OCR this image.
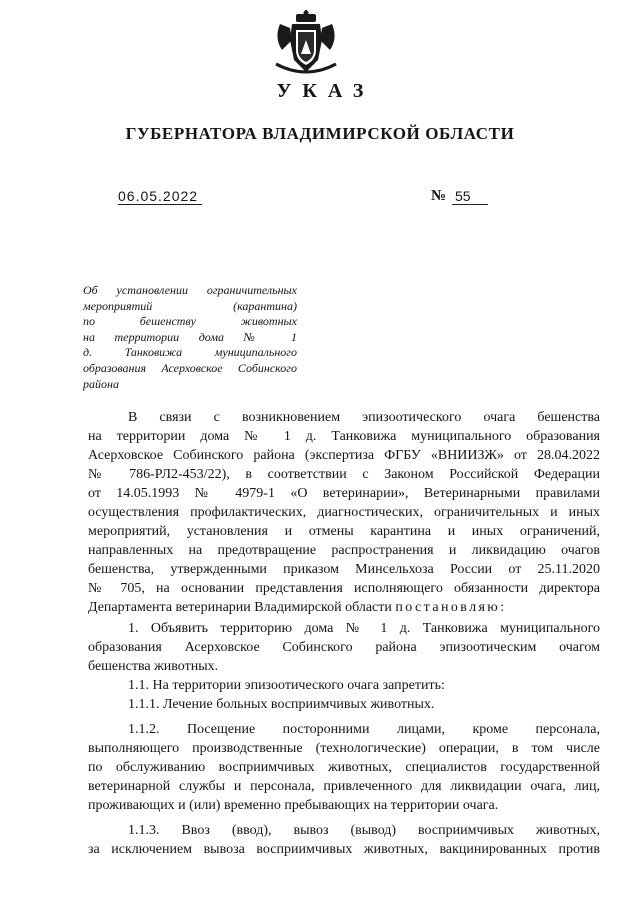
УКАЗ
ГУБЕРНАТОРА ВЛАДИМИРСКОЙ ОБЛАСТИ
06.05.2022	№ 55
Об установлении ограничительных
мероприятий (карантина)
по бешенству животных
на территории дома № 1
д. Танковижа муниципального
образования Асерховское Собинского
района
В связи с возникновением эпизоотического очага бешенства
на территории дома № 1 д. Танковижа муниципального образования
Асерховское Собинского района (экспертиза ФГБУ «ВНИИЗЖ» от 28.04.2022
№ 786-РЛ2-453/22), в соответствии с Законом Российской Федерации
от 14.05.1993 № 4979-1 «О ветеринарии», Ветеринарными правилами
осуществления профилактических, диагностических, ограничительных и иных
мероприятий, установления и отмены карантина и иных ограничений,
направленных на предотвращение распространения и ликвидацию очагов
бешенства, утвержденными приказом Минсельхоза России от 25.11.2020
№ 705, на основании представления исполняющего обязанности директора
Департамента ветеринарии Владимирской области постановляю:
1. Объявить территорию дома № 1 д. Танковижа муниципального
образования Асерховское Собинского района эпизоотическим очагом
бешенства животных.
1.1. На территории эпизоотического очага запретить:
1.1.1. Лечение больных восприимчивых животных.
1.1.2. Посещение посторонними лицами, кроме персонала,
выполняющего производственные (технологические) операции, в том числе
по обслуживанию восприимчивых животных, специалистов государственной
ветеринарной службы и персонала, привлеченного для ликвидации очага, лиц,
проживающих и (или) временно пребывающих на территории очага.
1.1.3. Ввоз (ввод), вывоз (вывод) восприимчивых животных,
за исключением вывоза восприимчивых животных, вакцинированных против
